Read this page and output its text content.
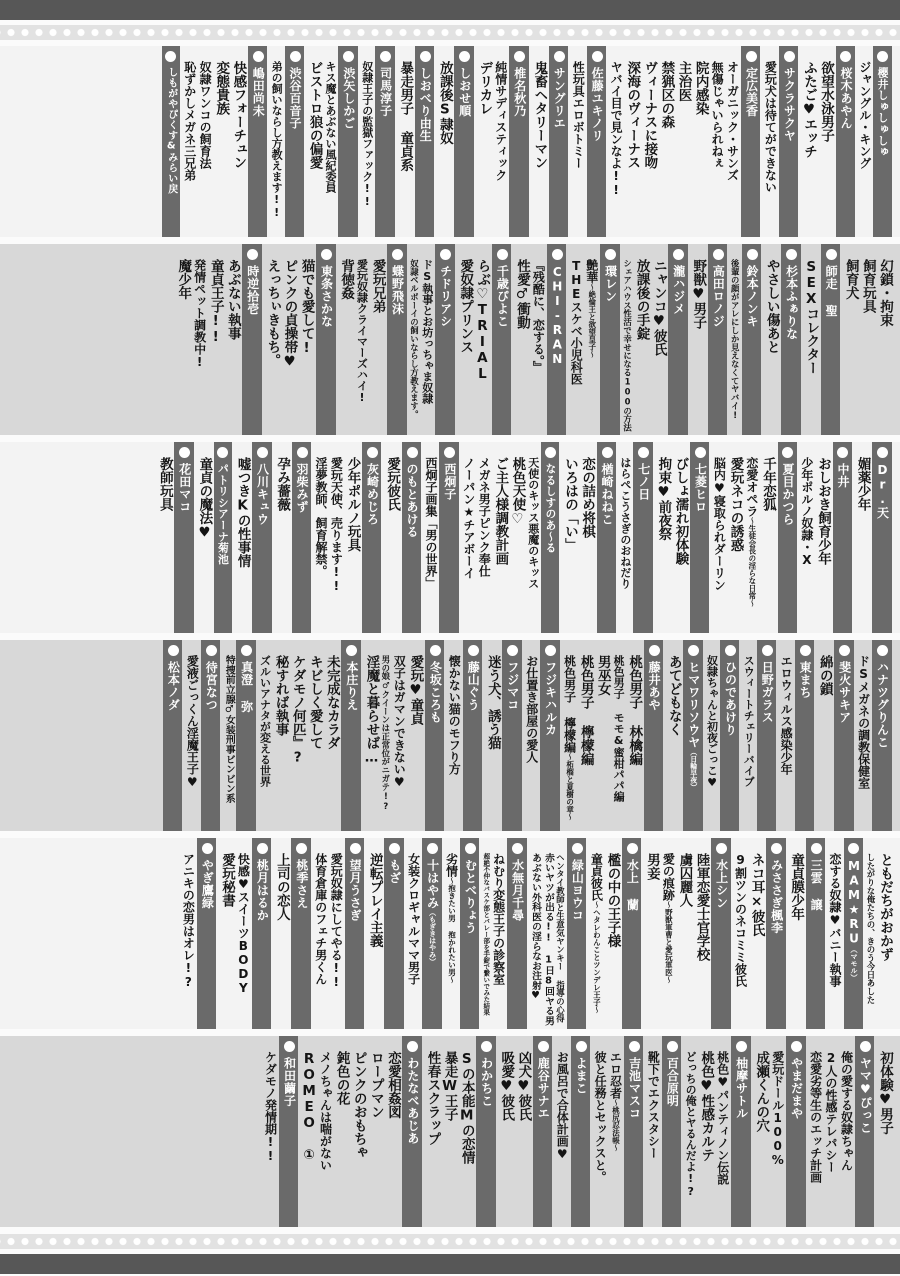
櫻井しゅしゅしゅ
ジャングル・キング
桜木あやん
欲望水泳男子
ふたご♥エッチ
サクラサクヤ
愛玩犬は待てができない
定広美香
オーガニック・サンズ
無傷じゃいられねぇ
院内感染
主治医
禁猟区の森
ヴィーナスに接吻
深海のヴィーナス
ヤバイ目で見ンなよ!!
佐藤ユキノリ
性玩具エロボトミー
サングリエ
鬼畜ヘタリーマン
椎名秋乃
純情サディスティック
デリカレ
しおせ順
放課後S隷奴
しおべり由生
暴走男子 童貞系
司馬淳子
奴隷王子の監獄ファック!!
渋矢しかご
キス魔とあぶない風紀委員
ビストロ狼の偏愛
渋谷百音子
弟の飼いならし方教えます!!
嶋田尚未
快感フォーチュン
変態貴族
奴隷ワンコの飼育法
恥ずかしメガネ三兄弟
しもがやぴくす&みらい戻
幻鎖・拘束
飼育玩具
飼育犬
師走 聖
SEXコレクター
杉本ふぁりな
やさしい傷あと
鈴本ノンキ
後輩の顔がアレにしか見えなくてヤバイ!
高田ロノジ
野獣♥男子
瀧ハジメ
ニャンコ♥彼氏
放課後の手錠
シェアハウス性活で幸せになる100の方法
環レン
艶華〜絶倫王と欲望皇子〜
THEスケベ小児科医
CHI-RAN
『残酷に、恋する。』
性愛♂衝動
千歳ぴよこ
らぶ♡TRIAL
愛奴隷プリンス
チドリアシ
ドS執事とお坊っちゃま奴隷
奴隷ベルボーイの飼いならし方教えます。
蝶野飛沫
愛玩兄弟
愛玩奴隷クライマーズハイ!
背徳姦
東条さかな
猫でも愛して!
ピンクの貞操帯♥
えっちぃきもち。
時逆拾壱
あぶない執事
童貞王子!!
発情ペット調教中!
魔少年
Dr.天
媚薬少年
中井
おしおき飼育少年
少年ポルノ奴隷・X
夏目かつら
千年恋狐
恋愛オペラ〜生徒会長の淫らな日常〜
愛玩ネコの誘惑
脳内♥寝取られダーリン
七菱ヒロ
びしょ濡れ初体験
拘束♥前夜祭
七ノ日
はらぺこうさぎのおねだり
楢崎ねねこ
恋の詰め将棋
いろはの「い」
なるしすのあ〜る
天使のキッス悪魔のキッス
桃色天使♡
ご主人様調教計画
メガネ男子ピンク奉仕
ノーパン★チアボーイ
西炯子
西炯子画集「男の世界」
のもとあける
愛玩彼氏
灰崎めじろ
少年ポルノ玩具
愛玩天使、売ります!!
淫夢教師、飼育解禁。
羽柴みず
孕み薔薇
八川キュウ
嘘つきKの性事情
パトリシアーナ菊池
童貞の魔法♥
花田マコ
教師玩具
ハナツグりんこ
ドSメガネの調教保健室
斐火サキア
綿の鎖
東まち
エロウィルス感染少年
日野ガラス
スウィートチェリーバイブ
ひのであけり
奴隷ちゃんと初夜ごっこ♥
ヒマワリソウヤ（日輪早夜）
あてどもなく
藤井あや
桃色男子 林檎編
桃色男子 モモ&蜜柑パパ編
男巫女
桃色男子 檸檬編
桃色男子 檸檬編〜柘榴と夏樹の章〜
フジキハルカ
お仕置き部屋の愛人
フジマコ
迷う犬、誘う猫
藤山ぐう
懐かない猫のモフり方
冬坂ころも
愛玩♥童貞
双子はガマンできない♥
男の娘♂クイーンは正常位がニガテ!?
淫魔と暮らせば…
本庄りえ
未完成なカラダ
キビしく愛して
ケダモノ何匹』?
秘すれば執事
ズルいアナタが変える世界
真澄 弥
特捜前立腺♂女装刑事ビンビン系
待宮なつ
愛液ごっくん淫魔王子♥
松本ノダ
ともだちがおかず
したがりな俺たちの、きのう今日あした
MAM★RU（マモル）
恋する奴隷♥バニー執事
三雲 譲
童貞膜少年
みささぎ楓李
ネコ耳×彼氏
9割ツンのネコミミ彼氏
水上シン
陸軍恋愛士官学校
虜囚麗人
愛の痕跡〜野獣軍曹と愛玩軍医〜
男妾
水上 蘭
檻の中の王子様
童貞彼氏〜ヘタレわんことツンデレ王子〜
緑山ヨウコ
ヘンタイ教師と生意気ヤンキー 指導の心得
赤いヤツが出る!! 1日8回ヤる男
あぶない外科医の淫らなお注射♥
水無月千尋
ねむり変態王子の診察室
超絶不仲なバスケ部とバレー部を手錠で繋いでみた結果
むとべりょう
劣情〜抱きたい男 抱かれたい男〜
十はやみ（もぎきはやみ）
女装クロギャルママ男子
もざ
逆転プレイ主義
望月うさぎ
愛玩奴隷にしてやる!!
体育倉庫のフェチ男くん
桃季さえ
上司の恋人
桃月はるか
快感♥スイーツBODY
愛玩秘書
やぎ鷹緑
アニキの恋男はオレ!?
初体験♥男子
ヤマ♥ぴっこ
俺の愛する奴隷ちゃん
2人の性感テレパシー
恋愛劣等生のエッチ計画
やまだまや
愛玩ドール100%
成瀬くんの穴
柚摩サトル
桃色♥パンティノン伝説
桃色♥性感カルテ
どっちの俺とヤるんだよ!?
百合原明
靴下でエクスタシー
吉池マスコ
エロ忍者〜桃尻忍法帳〜
彼と任務とセックスと。
よまこ
お風呂で合体計画♥
鹿谷サナエ
凶犬♥彼氏
吸愛♥彼氏
わかちこ
Sの本能Mの恋情
暴走W王子
性春スクラップ
わたなべあじあ
恋愛相姦図
ロープマン
ピンクのおもちゃ
鈍色の花
メノちゃんは喘がない
ROMEO ①
和田繭子
ケダモノ発情期!!
